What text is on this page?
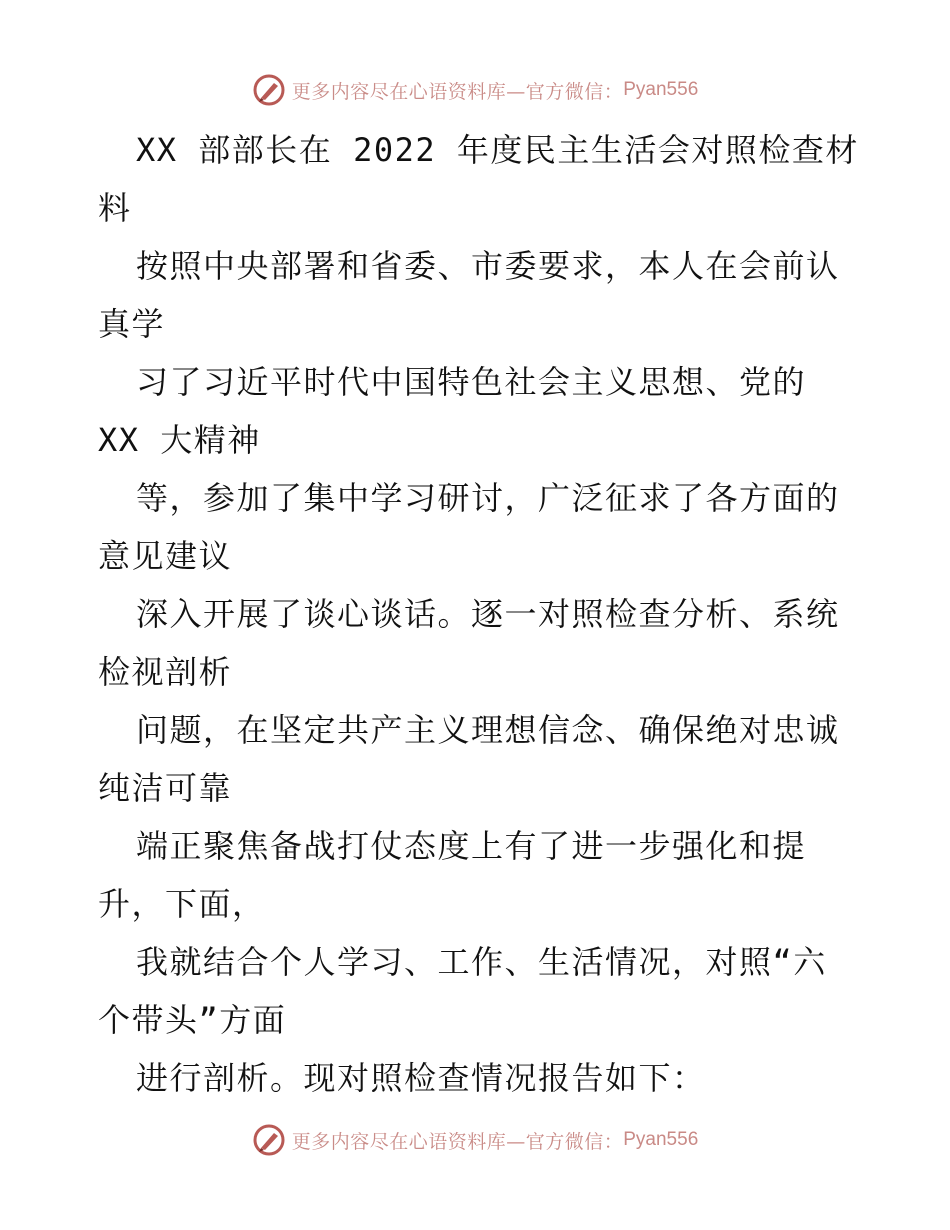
更多内容尽在心语资料库—官方微信： Pyan556
XX 部部长在 2022 年度民主生活会对照检查材
料
按照中央部署和省委、市委要求，本人在会前认
真学
习了习近平时代中国特色社会主义思想、党的
XX 大精神
等，参加了集中学习研讨，广泛征求了各方面的
意见建议
深入开展了谈心谈话。逐一对照检查分析、系统
检视剖析
问题，在坚定共产主义理想信念、确保绝对忠诚
纯洁可靠
端正聚焦备战打仗态度上有了进一步强化和提
升，下面，
我就结合个人学习、工作、生活情况，对照“六
个带头”方面
进行剖析。现对照检查情况报告如下：
更多内容尽在心语资料库—官方微信： Pyan556
